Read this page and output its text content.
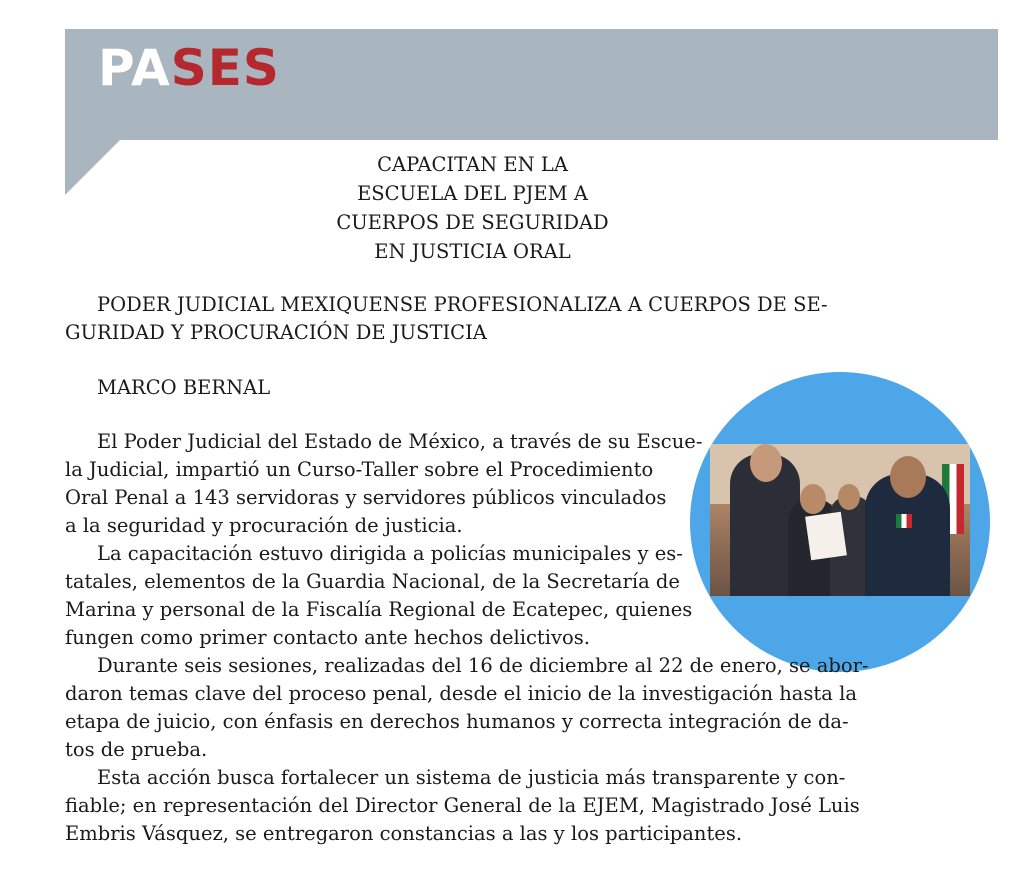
PASES
CAPACITAN EN LA
ESCUELA DEL PJEM A
CUERPOS DE SEGURIDAD
EN JUSTICIA ORAL
PODER JUDICIAL MEXIQUENSE PROFESIONALIZA A CUERPOS DE SE-
GURIDAD Y PROCURACIÓN DE JUSTICIA
MARCO BERNAL
El Poder Judicial del Estado de México, a través de su Escue-
la Judicial, impartió un Curso-Taller sobre el Procedimiento
Oral Penal a 143 servidoras y servidores públicos vinculados
a la seguridad y procuración de justicia.
La capacitación estuvo dirigida a policías municipales y es-
tatales, elementos de la Guardia Nacional, de la Secretaría de
Marina y personal de la Fiscalía Regional de Ecatepec, quienes
fungen como primer contacto ante hechos delictivos.
Durante seis sesiones, realizadas del 16 de diciembre al 22 de enero, se abor-
daron temas clave del proceso penal, desde el inicio de la investigación hasta la
etapa de juicio, con énfasis en derechos humanos y correcta integración de da-
tos de prueba.
Esta acción busca fortalecer un sistema de justicia más transparente y con-
fiable; en representación del Director General de la EJEM, Magistrado José Luis
Embris Vásquez, se entregaron constancias a las y los participantes.
